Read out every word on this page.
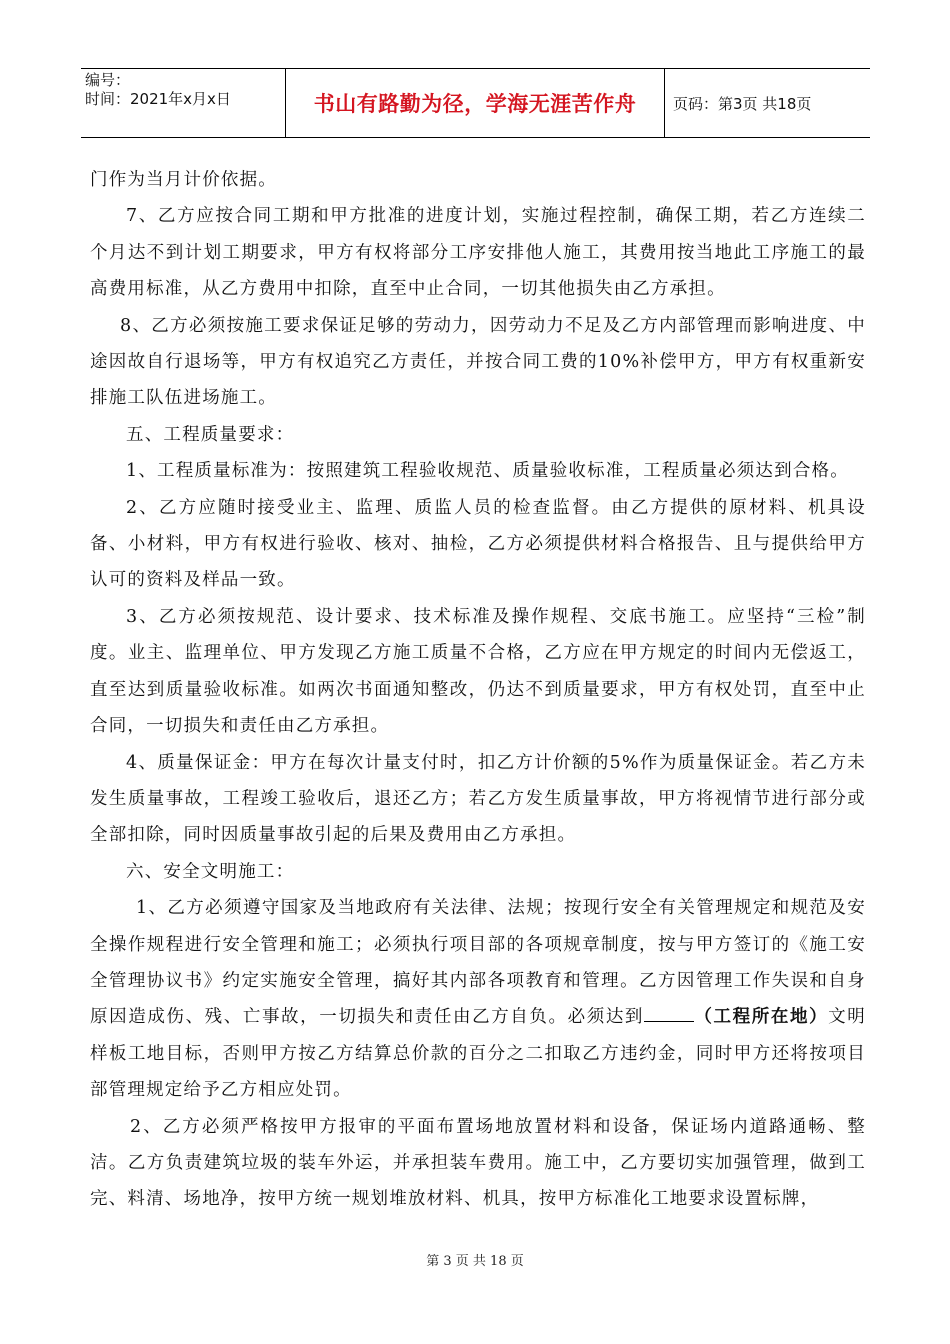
编号：
时间：2021年x月x日	书山有路勤为径，学海无涯苦作舟	页码：第3页 共18页

门作为当月计价依据。

7、乙方应按合同工期和甲方批准的进度计划，实施过程控制，确保工期，若乙方连续二个月达不到计划工期要求，甲方有权将部分工序安排他人施工，其费用按当地此工序施工的最高费用标准，从乙方费用中扣除，直至中止合同，一切其他损失由乙方承担。

8、乙方必须按施工要求保证足够的劳动力，因劳动力不足及乙方内部管理而影响进度、中途因故自行退场等，甲方有权追究乙方责任，并按合同工费的10%补偿甲方，甲方有权重新安排施工队伍进场施工。

五、工程质量要求：

1、工程质量标准为：按照建筑工程验收规范、质量验收标准，工程质量必须达到合格。

2、乙方应随时接受业主、监理、质监人员的检查监督。由乙方提供的原材料、机具设备、小材料，甲方有权进行验收、核对、抽检，乙方必须提供材料合格报告、且与提供给甲方认可的资料及样品一致。

3、乙方必须按规范、设计要求、技术标准及操作规程、交底书施工。应坚持“三检”制度。业主、监理单位、甲方发现乙方施工质量不合格，乙方应在甲方规定的时间内无偿返工，直至达到质量验收标准。如两次书面通知整改，仍达不到质量要求，甲方有权处罚，直至中止合同，一切损失和责任由乙方承担。

4、质量保证金：甲方在每次计量支付时，扣乙方计价额的5%作为质量保证金。若乙方未发生质量事故，工程竣工验收后，退还乙方；若乙方发生质量事故，甲方将视情节进行部分或全部扣除，同时因质量事故引起的后果及费用由乙方承担。

六、安全文明施工：

1、乙方必须遵守国家及当地政府有关法律、法规；按现行安全有关管理规定和规范及安全操作规程进行安全管理和施工；必须执行项目部的各项规章制度，按与甲方签订的《施工安全管理协议书》约定实施安全管理，搞好其内部各项教育和管理。乙方因管理工作失误和自身原因造成伤、残、亡事故，一切损失和责任由乙方自负。必须达到	（工程所在地）文明样板工地目标，否则甲方按乙方结算总价款的百分之二扣取乙方违约金，同时甲方还将按项目部管理规定给予乙方相应处罚。

2、乙方必须严格按甲方报审的平面布置场地放置材料和设备，保证场内道路通畅、整洁。乙方负责建筑垃圾的装车外运，并承担装车费用。施工中，乙方要切实加强管理，做到工完、料清、场地净，按甲方统一规划堆放材料、机具，按甲方标准化工地要求设置标牌，

第 3 页 共 18 页
